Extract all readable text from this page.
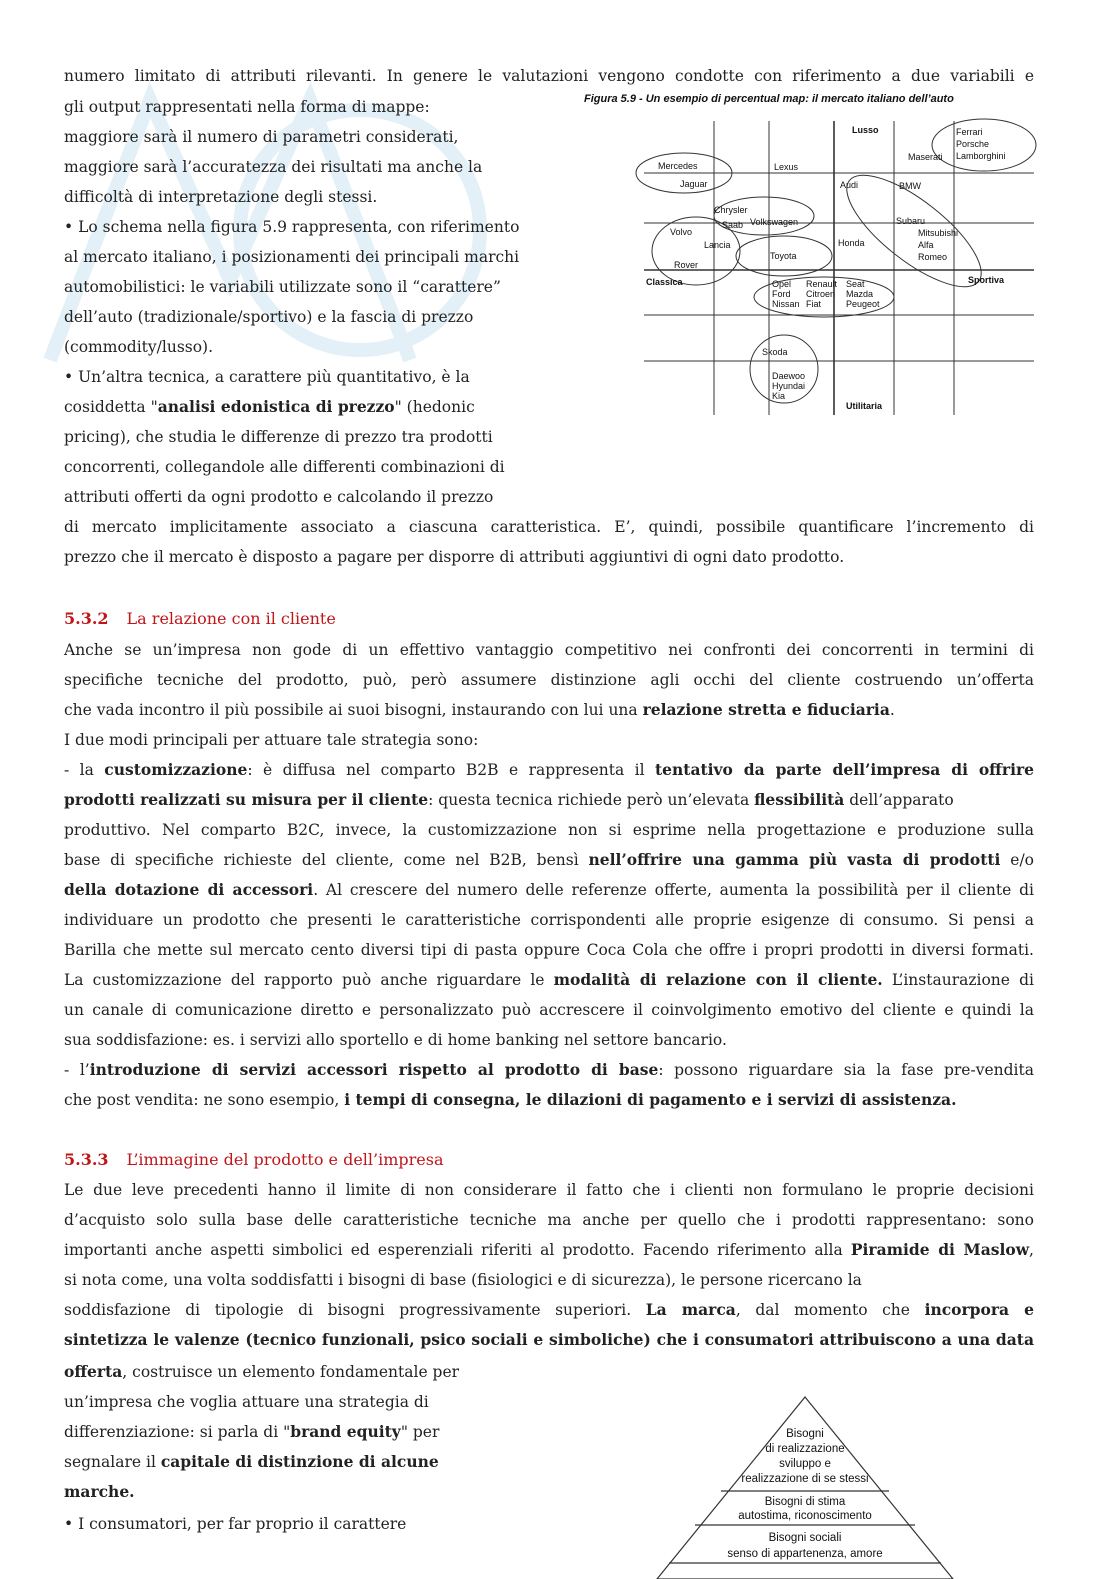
numero limitato di attributi rilevanti. In genere le valutazioni vengono condotte con riferimento a due variabili e
gli output rappresentati nella forma di mappe:
maggiore sarà il numero di parametri considerati,
maggiore sarà l’accuratezza dei risultati ma anche la
difficoltà di interpretazione degli stessi.
• Lo schema nella figura 5.9 rappresenta, con riferimento
al mercato italiano, i posizionamenti dei principali marchi
automobilistici: le variabili utilizzate sono il “carattere”
dell’auto (tradizionale/sportivo) e la fascia di prezzo
(commodity/lusso).
• Un’altra tecnica, a carattere più quantitativo, è la
cosiddetta "analisi edonistica di prezzo" (hedonic
pricing), che studia le differenze di prezzo tra prodotti
concorrenti, collegandole alle differenti combinazioni di
attributi offerti da ogni prodotto e calcolando il prezzo
di mercato implicitamente associato a ciascuna caratteristica. E’, quindi, possibile quantificare l’incremento di
prezzo che il mercato è disposto a pagare per disporre di attributi aggiuntivi di ogni dato prodotto.
Figura 5.9 - Un esempio di percentual map: il mercato italiano dell’auto
Lusso
Utilitaria
Classica	Sportiva
Mercedes
Jaguar
Lexus
Ferrari
Porsche
Lamborghini
Maserati
Audi	BMW
Chrysler
Saab Volkswagen
Volvo
Lancia
Rover
Toyota
Honda
Subaru
Mitsubishi
Alfa
Romeo
Opel
Ford
Nissan
Renault
Citroen
Fiat
Seat
Mazda
Peugeot
Skoda
Daewoo
Hyundai
Kia
5.3.2 La relazione con il cliente
Anche se un’impresa non gode di un effettivo vantaggio competitivo nei confronti dei concorrenti in termini di
specifiche tecniche del prodotto, può, però assumere distinzione agli occhi del cliente costruendo un’offerta
che vada incontro il più possibile ai suoi bisogni, instaurando con lui una relazione stretta e fiduciaria.
I due modi principali per attuare tale strategia sono:
- la customizzazione: è diffusa nel comparto B2B e rappresenta il tentativo da parte dell’impresa di offrire
prodotti realizzati su misura per il cliente: questa tecnica richiede però un’elevata flessibilità dell’apparato
produttivo. Nel comparto B2C, invece, la customizzazione non si esprime nella progettazione e produzione sulla
base di specifiche richieste del cliente, come nel B2B, bensì nell’offrire una gamma più vasta di prodotti e/o
della dotazione di accessori. Al crescere del numero delle referenze offerte, aumenta la possibilità per il cliente di
individuare un prodotto che presenti le caratteristiche corrispondenti alle proprie esigenze di consumo. Si pensi a
Barilla che mette sul mercato cento diversi tipi di pasta oppure Coca Cola che offre i propri prodotti in diversi formati.
La customizzazione del rapporto può anche riguardare le modalità di relazione con il cliente. L’instaurazione di
un canale di comunicazione diretto e personalizzato può accrescere il coinvolgimento emotivo del cliente e quindi la
sua soddisfazione: es. i servizi allo sportello e di home banking nel settore bancario.
- l’introduzione di servizi accessori rispetto al prodotto di base: possono riguardare sia la fase pre-vendita
che post vendita: ne sono esempio, i tempi di consegna, le dilazioni di pagamento e i servizi di assistenza.
5.3.3 L’immagine del prodotto e dell’impresa
Le due leve precedenti hanno il limite di non considerare il fatto che i clienti non formulano le proprie decisioni
d’acquisto solo sulla base delle caratteristiche tecniche ma anche per quello che i prodotti rappresentano: sono
importanti anche aspetti simbolici ed esperenziali riferiti al prodotto. Facendo riferimento alla Piramide di Maslow,
si nota come, una volta soddisfatti i bisogni di base (fisiologici e di sicurezza), le persone ricercano la
soddisfazione di tipologie di bisogni progressivamente superiori. La marca, dal momento che incorpora e
sintetizza le valenze (tecnico funzionali, psico sociali e simboliche) che i consumatori attribuiscono a una data
offerta, costruisce un elemento fondamentale per
un’impresa che voglia attuare una strategia di
differenziazione: si parla di "brand equity" per
segnalare il capitale di distinzione di alcune
marche.
• I consumatori, per far proprio il carattere
Bisogni
di realizzazione
sviluppo e
realizzazione di se stessi
Bisogni di stima
autostima, riconoscimento
Bisogni sociali
senso di appartenenza, amore
